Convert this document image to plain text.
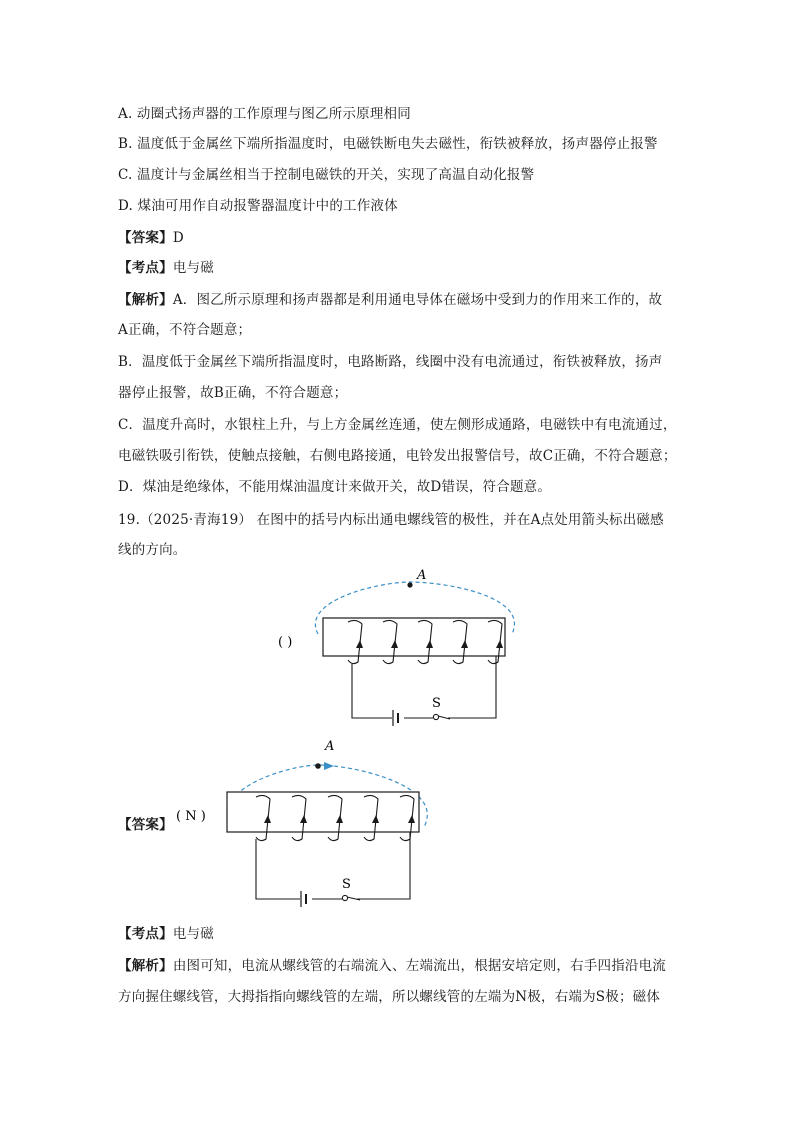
A. 动圈式扬声器的工作原理与图乙所示原理相同
B. 温度低于金属丝下端所指温度时，电磁铁断电失去磁性，衔铁被释放，扬声器停止报警
C. 温度计与金属丝相当于控制电磁铁的开关，实现了高温自动化报警
D. 煤油可用作自动报警器温度计中的工作液体
【答案】D
【考点】电与磁
【解析】A．图乙所示原理和扬声器都是利用通电导体在磁场中受到力的作用来工作的，故
A正确，不符合题意；
B．温度低于金属丝下端所指温度时，电路断路，线圈中没有电流通过，衔铁被释放，扬声
器停止报警，故B正确，不符合题意；
C．温度升高时，水银柱上升，与上方金属丝连通，使左侧形成通路，电磁铁中有电流通过，
电磁铁吸引衔铁，使触点接触，右侧电路接通，电铃发出报警信号，故C正确，不符合题意；
D．煤油是绝缘体，不能用煤油温度计来做开关，故D错误，符合题意。
19.（2025·青海19） 在图中的括号内标出通电螺线管的极性，并在A点处用箭头标出磁感
线的方向。
A
( )
S
【答案】
A
( N )
S
【考点】电与磁
【解析】由图可知，电流从螺线管的右端流入、左端流出，根据安培定则，右手四指沿电流
方向握住螺线管，大拇指指向螺线管的左端，所以螺线管的左端为N极，右端为S极；磁体
